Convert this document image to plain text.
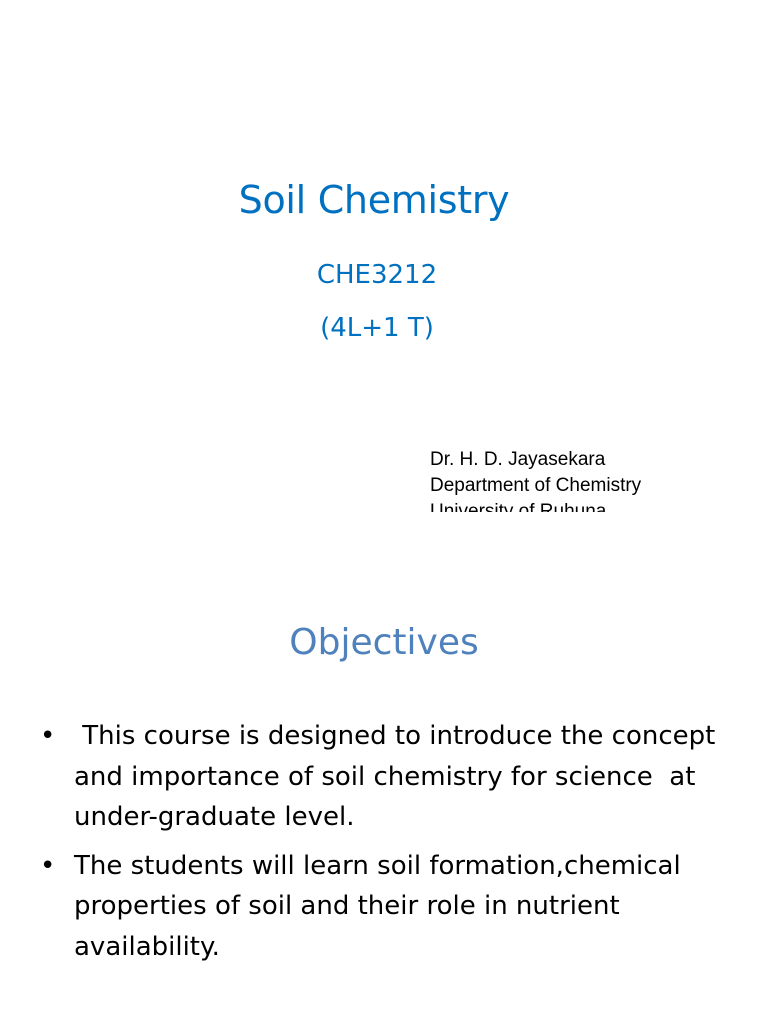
Soil Chemistry
CHE3212
(4L+1 T)
Dr. H. D. Jayasekara
Department of Chemistry
Objectives
• This course is designed to introduce the concept and importance of soil chemistry for science  at under-graduate level.
• The students will learn soil formation,chemical properties of soil and their role in nutrient availability.
